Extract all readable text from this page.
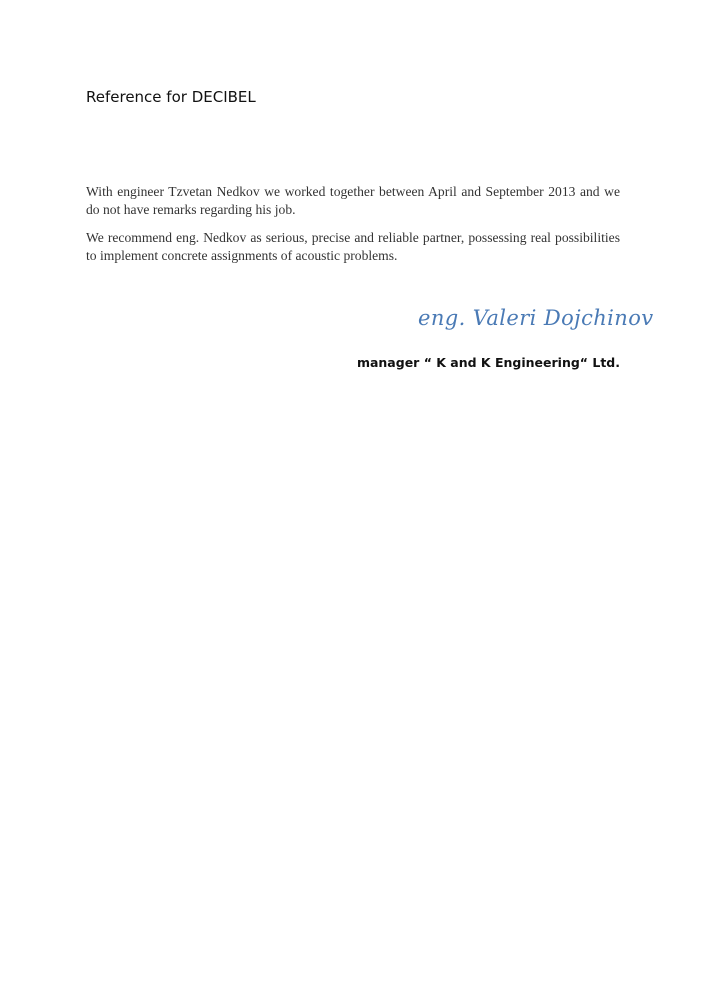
Reference for DECIBEL

With engineer Tzvetan Nedkov we worked together between April and September 2013 and we do not have remarks regarding his job.

We recommend eng. Nedkov as serious, precise and reliable partner, possessing real possibilities to implement concrete assignments of acoustic problems.

eng. Valeri Dojchinov
manager “ K and K Engineering“ Ltd.
